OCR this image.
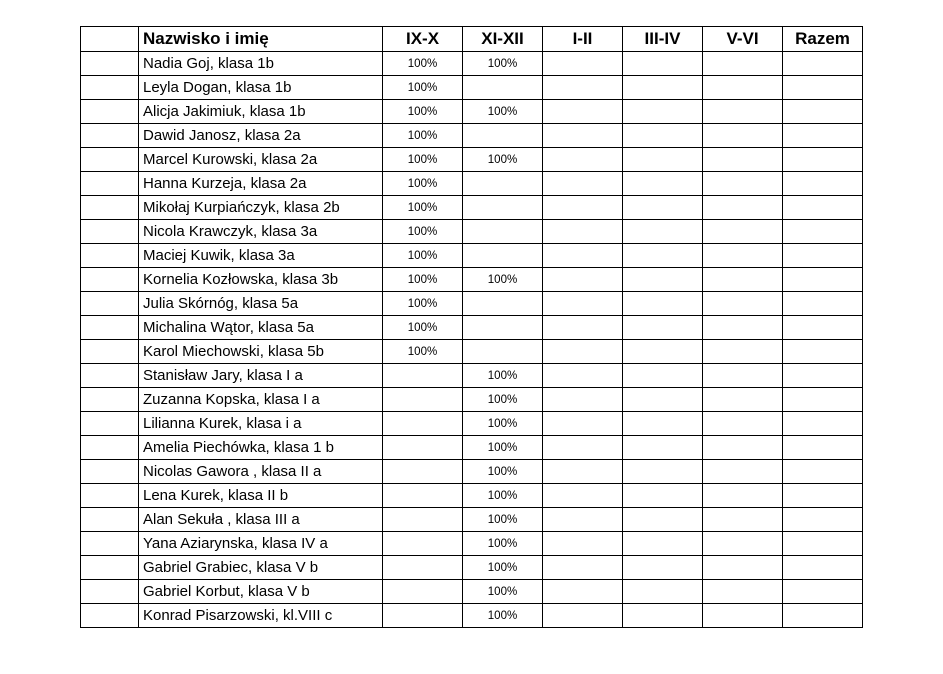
	Nazwisko i imię	IX-X	XI-XII	I-II	III-IV	V-VI	Razem
	Nadia Goj, klasa 1b	100%	100%				
	Leyla Dogan, klasa 1b	100%					
	Alicja Jakimiuk, klasa 1b	100%	100%				
	Dawid Janosz, klasa 2a	100%					
	Marcel Kurowski, klasa 2a	100%	100%				
	Hanna Kurzeja, klasa 2a	100%					
	Mikołaj Kurpiańczyk, klasa 2b	100%					
	Nicola Krawczyk, klasa 3a	100%					
	Maciej Kuwik, klasa 3a	100%					
	Kornelia Kozłowska, klasa 3b	100%	100%				
	Julia Skórnóg, klasa 5a	100%					
	Michalina Wątor, klasa 5a	100%					
	Karol Miechowski, klasa 5b	100%					
	Stanisław Jary, klasa I a		100%				
	Zuzanna Kopska, klasa I a		100%				
	Lilianna Kurek, klasa i a		100%				
	Amelia Piechówka, klasa 1 b		100%				
	Nicolas Gawora , klasa II a		100%				
	Lena Kurek, klasa II b		100%				
	Alan Sekuła , klasa III a		100%				
	Yana Aziarynska, klasa IV a		100%				
	Gabriel Grabiec, klasa V b		100%				
	Gabriel Korbut, klasa V b		100%				
	Konrad Pisarzowski, kl.VIII c		100%				
